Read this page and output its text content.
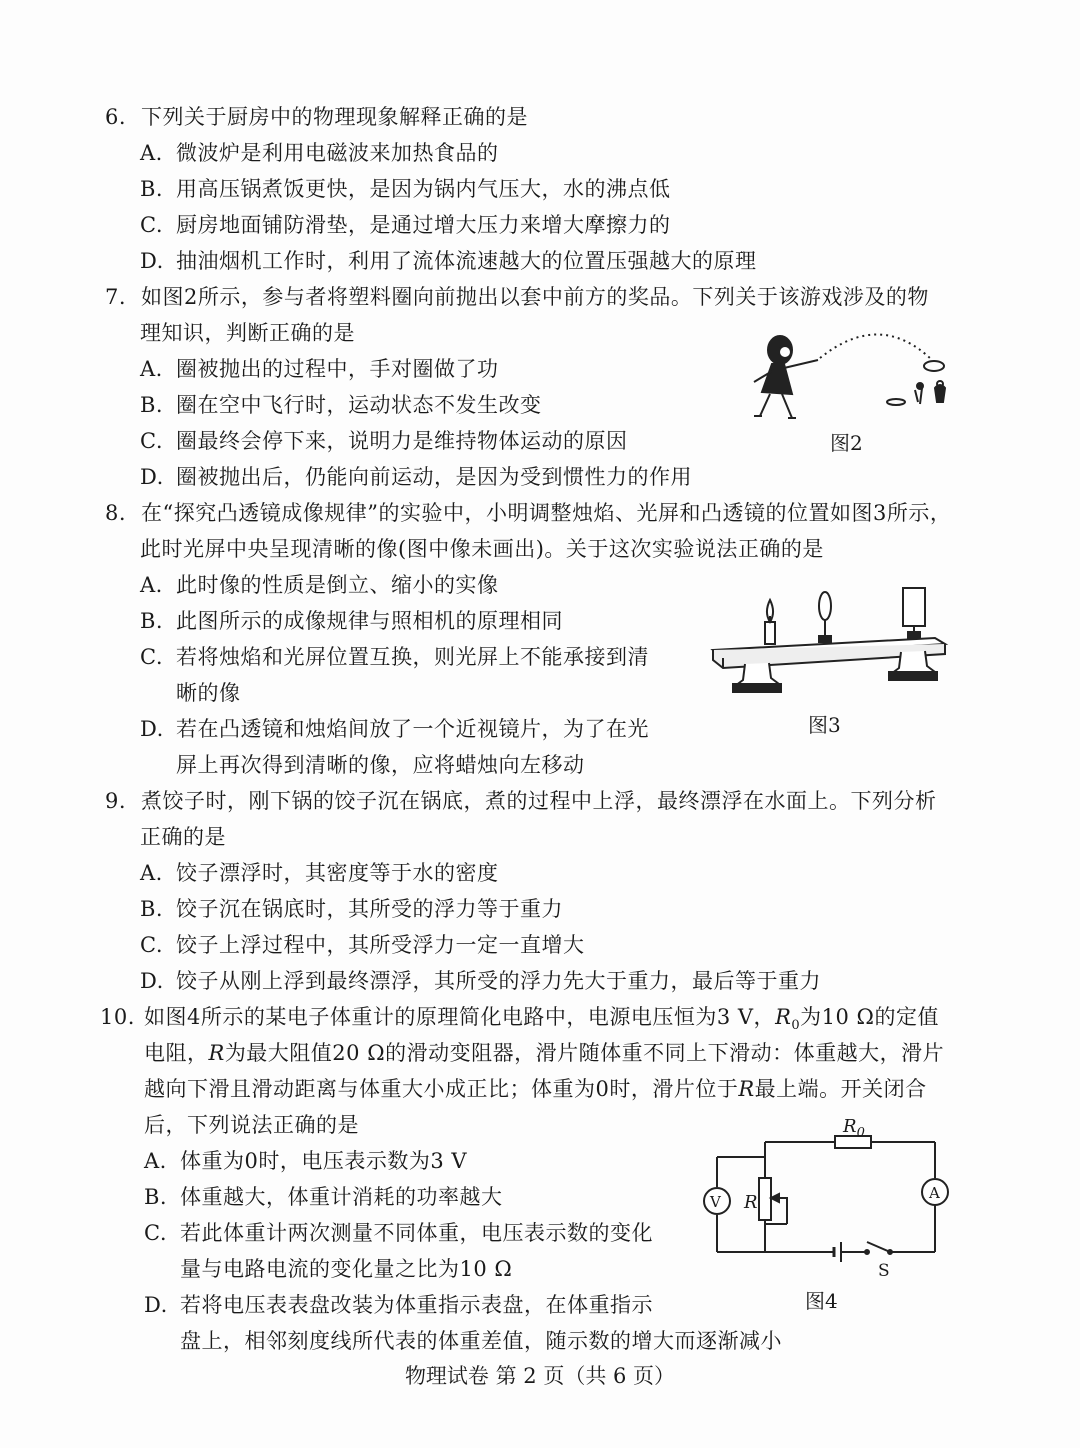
6. 下列关于厨房中的物理现象解释正确的是
A. 微波炉是利用电磁波来加热食品的
B. 用高压锅煮饭更快，是因为锅内气压大，水的沸点低
C. 厨房地面铺防滑垫，是通过增大压力来增大摩擦力的
D. 抽油烟机工作时，利用了流体流速越大的位置压强越大的原理
7. 如图2所示，参与者将塑料圈向前抛出以套中前方的奖品。下列关于该游戏涉及的物
理知识，判断正确的是
A. 圈被抛出的过程中，手对圈做了功
B. 圈在空中飞行时，运动状态不发生改变
C. 圈最终会停下来，说明力是维持物体运动的原因
D. 圈被抛出后，仍能向前运动，是因为受到惯性力的作用
图2
8. 在“探究凸透镜成像规律”的实验中，小明调整烛焰、光屏和凸透镜的位置如图3所示，
此时光屏中央呈现清晰的像(图中像未画出)。关于这次实验说法正确的是
A. 此时像的性质是倒立、缩小的实像
B. 此图所示的成像规律与照相机的原理相同
C. 若将烛焰和光屏位置互换，则光屏上不能承接到清
晰的像
D. 若在凸透镜和烛焰间放了一个近视镜片，为了在光
屏上再次得到清晰的像，应将蜡烛向左移动
图3
9. 煮饺子时，刚下锅的饺子沉在锅底，煮的过程中上浮，最终漂浮在水面上。下列分析
正确的是
A. 饺子漂浮时，其密度等于水的密度
B. 饺子沉在锅底时，其所受的浮力等于重力
C. 饺子上浮过程中，其所受浮力一定一直增大
D. 饺子从刚上浮到最终漂浮，其所受的浮力先大于重力，最后等于重力
10. 如图4所示的某电子体重计的原理简化电路中，电源电压恒为3 V，$R_0$为10 Ω的定值
电阻，R为最大阻值20 Ω的滑动变阻器，滑片随体重不同上下滑动：体重越大，滑片
越向下滑且滑动距离与体重大小成正比；体重为0时，滑片位于R最上端。开关闭合
后，下列说法正确的是
A. 体重为0时，电压表示数为3 V
B. 体重越大，体重计消耗的功率越大
C. 若此体重计两次测量不同体重，电压表示数的变化
量与电路电流的变化量之比为10 Ω
D. 若将电压表表盘改装为体重指示表盘，在体重指示
$R_0$
R
V	A
S
图4
盘上，相邻刻度线所代表的体重差值，随示数的增大而逐渐减小
物理试卷 第 2 页（共 6 页）
